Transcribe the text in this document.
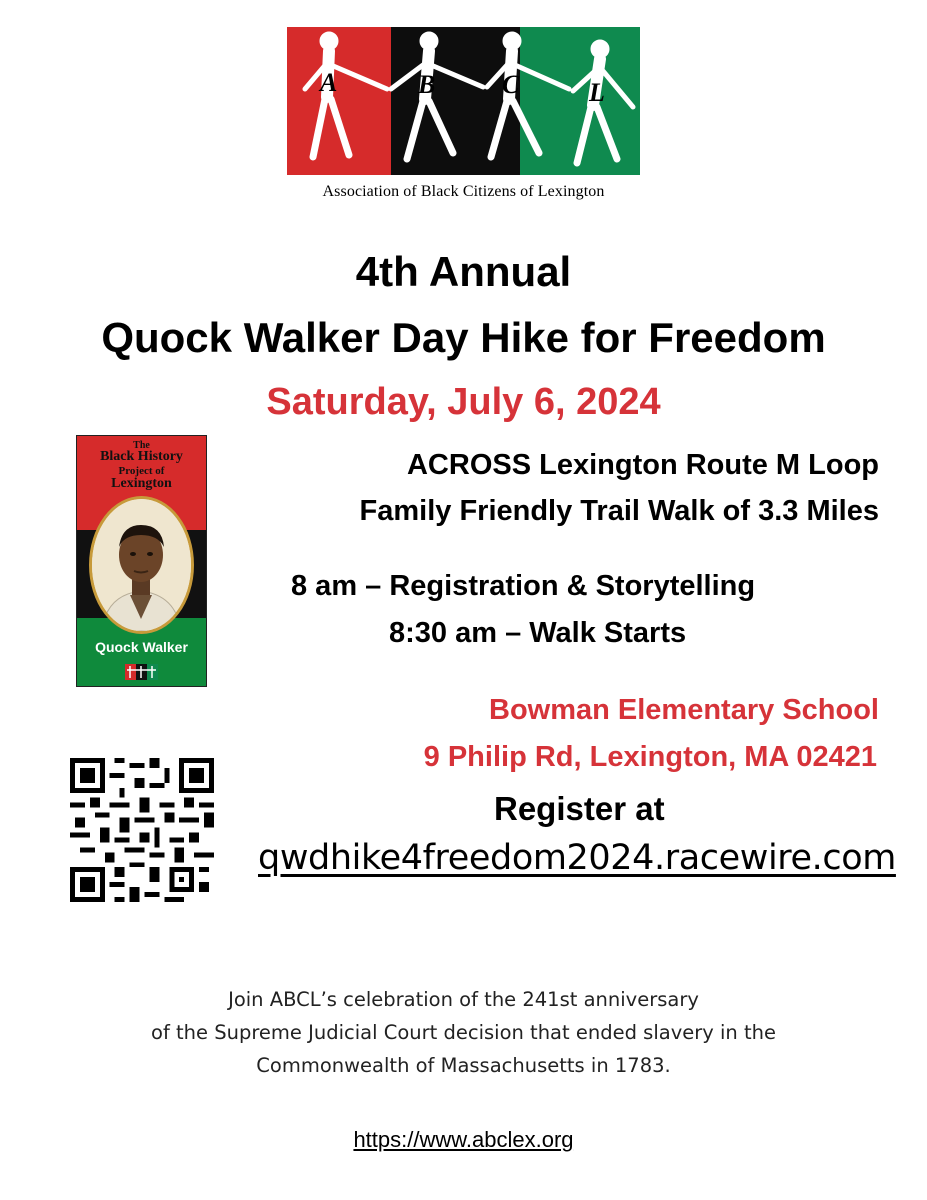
A	B	C	L
Association of Black Citizens of Lexington
4th Annual
Quock Walker Day Hike for Freedom
Saturday, July 6, 2024
The
Black History
Project of
Lexington
Quock Walker
ACROSS Lexington Route M Loop
Family Friendly Trail Walk of 3.3 Miles
8 am – Registration & Storytelling
8:30 am – Walk Starts
Bowman Elementary School
9 Philip Rd, Lexington, MA 02421
Register at
qwdhike4freedom2024.racewire.com
Join ABCL’s celebration of the 241st anniversary
of the Supreme Judicial Court decision that ended slavery in the
Commonwealth of Massachusetts in 1783.
https://www.abclex.org
